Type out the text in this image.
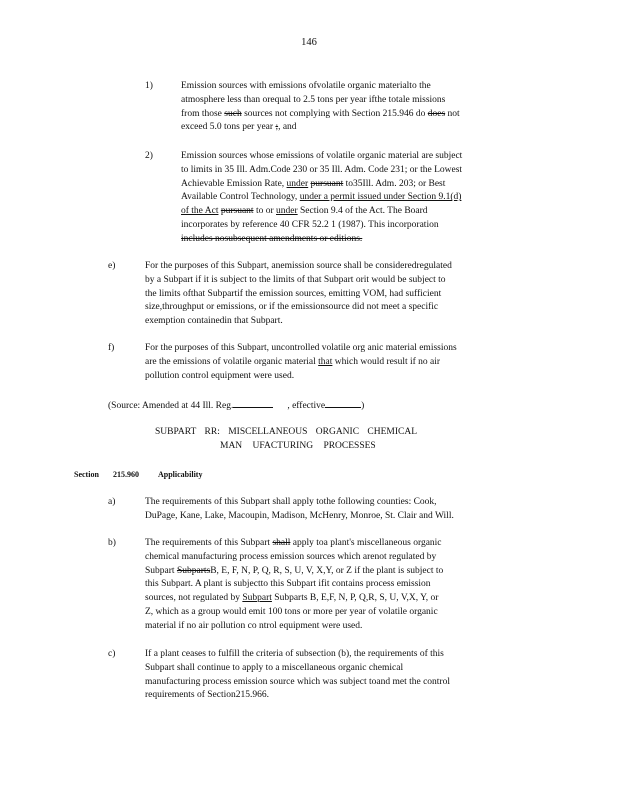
146
1)	Emission sources with emissions ofvolatile organic materialto the
atmosphere less than orequal to 2.5 tons per year ifthe totale missions
from those such sources not complying with Section 215.946 do does not
exceed 5.0 tons per year ;, and
2)	Emission sources whose emissions of volatile organic material are subject
to limits in 35 Ill. Adm.Code 230 or 35 Ill. Adm. Code 231; or the Lowest
Achievable Emission Rate, under pursuant to35Ill. Adm. 203; or Best
Available Control Technology, under a permit issued under Section 9.1(d)
of the Act pursuant to or under Section 9.4 of the Act. The Board
incorporates by reference 40 CFR 52.2 1 (1987). This incorporation
includes nosubsequent amendments or editions.
e)	For the purposes of this Subpart, anemission source shall be consideredregulated
by a Subpart if it is subject to the limits of that Subpart orit would be subject to
the limits ofthat Subpartif the emission sources, emitting VOM, had sufficient
size,throughput or emissions, or if the emissionsource did not meet a specific
exemption containedin that Subpart.
f)	For the purposes of this Subpart, uncontrolled volatile org anic material emissions
are the emissions of volatile organic material that which would result if no air
pollution control equipment were used.
(Source: Amended at 44 Ill. Reg.	, effective	)
SUBPART RR: MISCELLANEOUS ORGANIC CHEMICAL
MAN UFACTURING PROCESSES
Section 215.960 Applicability
a)	The requirements of this Subpart shall apply tothe following counties: Cook,
DuPage, Kane, Lake, Macoupin, Madison, McHenry, Monroe, St. Clair and Will.
b)	The requirements of this Subpart shall apply toa plant's miscellaneous organic
chemical manufacturing process emission sources which arenot regulated by
Subpart SubpartsB, E, F, N, P, Q, R, S, U, V, X,Y, or Z if the plant is subject to
this Subpart. A plant is subjectto this Subpart ifit contains process emission
sources, not regulated by Subpart Subparts B, E,F, N, P, Q,R, S, U, V,X, Y, or
Z, which as a group would emit 100 tons or more per year of volatile organic
material if no air pollution co ntrol equipment were used.
c)	If a plant ceases to fulfill the criteria of subsection (b), the requirements of this
Subpart shall continue to apply to a miscellaneous organic chemical
manufacturing process emission source which was subject toand met the control
requirements of Section215.966.
